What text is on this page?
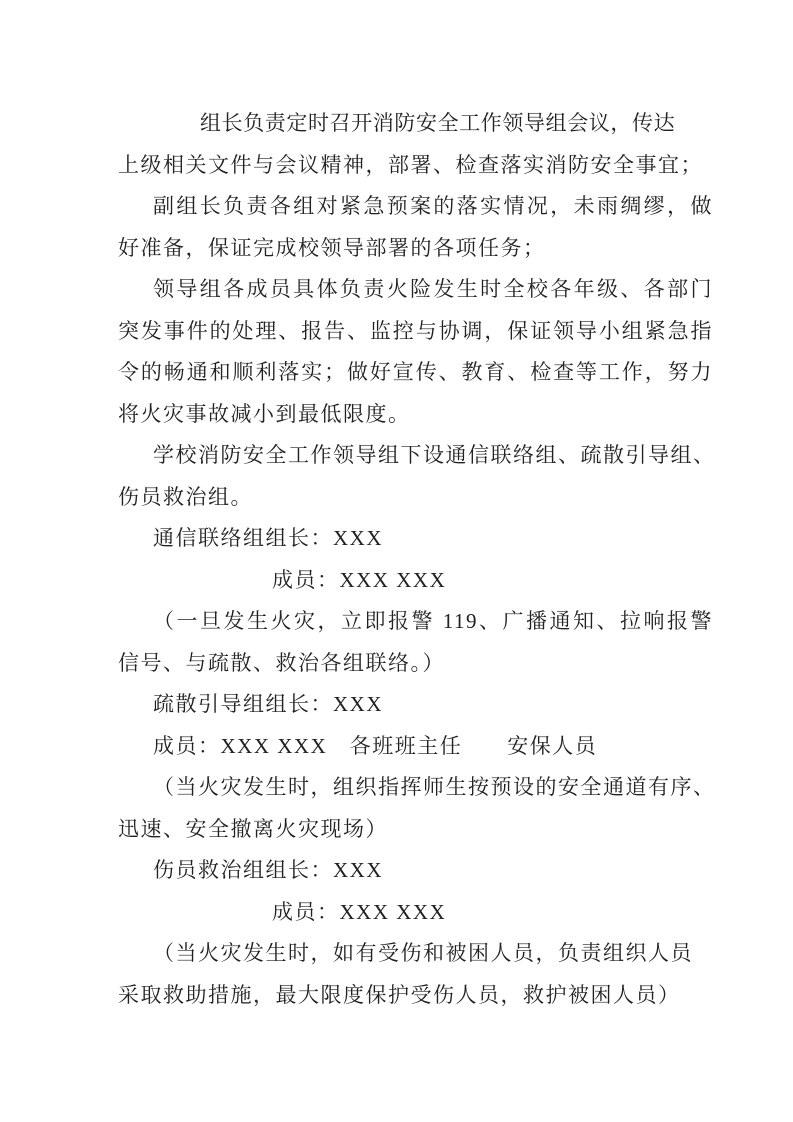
组长负责定时召开消防安全工作领导组会议，传达
上级相关文件与会议精神，部署、检查落实消防安全事宜；
副组长负责各组对紧急预案的落实情况，未雨绸缪，做
好准备，保证完成校领导部署的各项任务；
领导组各成员具体负责火险发生时全校各年级、各部门
突发事件的处理、报告、监控与协调，保证领导小组紧急指
令的畅通和顺利落实；做好宣传、教育、检查等工作，努力
将火灾事故减小到最低限度。
学校消防安全工作领导组下设通信联络组、疏散引导组、
伤员救治组。
通信联络组组长：XXX
成员：XXX XXX
（一旦发生火灾，立即报警 119、广播通知、拉响报警
信号、与疏散、救治各组联络。）
疏散引导组组长：XXX
成员：XXX XXX　各班班主任　　安保人员
（当火灾发生时，组织指挥师生按预设的安全通道有序、
迅速、安全撤离火灾现场）
伤员救治组组长：XXX
成员：XXX XXX
（当火灾发生时，如有受伤和被困人员，负责组织人员
采取救助措施，最大限度保护受伤人员，救护被困人员）
